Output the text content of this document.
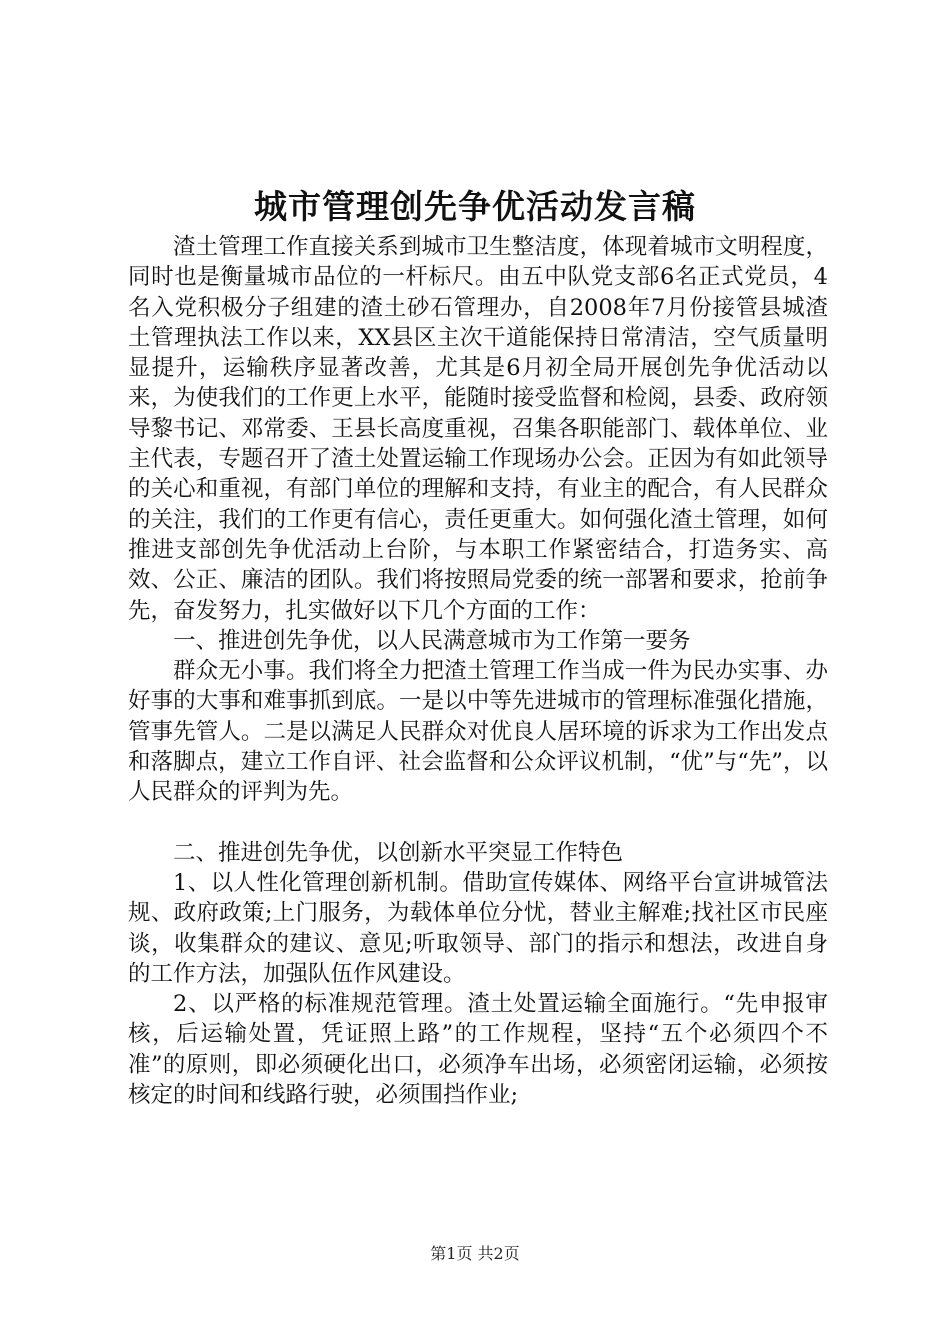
城市管理创先争优活动发言稿

渣土管理工作直接关系到城市卫生整洁度，体现着城市文明程度，同时也是衡量城市品位的一杆标尺。由五中队党支部6名正式党员，4名入党积极分子组建的渣土砂石管理办，自2008年7月份接管县城渣土管理执法工作以来，XX县区主次干道能保持日常清洁，空气质量明显提升，运输秩序显著改善，尤其是6月初全局开展创先争优活动以来，为使我们的工作更上水平，能随时接受监督和检阅，县委、政府领导黎书记、邓常委、王县长高度重视，召集各职能部门、载体单位、业主代表，专题召开了渣土处置运输工作现场办公会。正因为有如此领导的关心和重视，有部门单位的理解和支持，有业主的配合，有人民群众的关注，我们的工作更有信心，责任更重大。如何强化渣土管理，如何推进支部创先争优活动上台阶，与本职工作紧密结合，打造务实、高效、公正、廉洁的团队。我们将按照局党委的统一部署和要求，抢前争先，奋发努力，扎实做好以下几个方面的工作：

一、推进创先争优，以人民满意城市为工作第一要务

群众无小事。我们将全力把渣土管理工作当成一件为民办实事、办好事的大事和难事抓到底。一是以中等先进城市的管理标准强化措施，管事先管人。二是以满足人民群众对优良人居环境的诉求为工作出发点和落脚点，建立工作自评、社会监督和公众评议机制，“优”与“先”，以人民群众的评判为先。

二、推进创先争优，以创新水平突显工作特色

1、以人性化管理创新机制。借助宣传媒体、网络平台宣讲城管法规、政府政策;上门服务，为载体单位分忧，替业主解难;找社区市民座谈，收集群众的建议、意见;听取领导、部门的指示和想法，改进自身的工作方法，加强队伍作风建设。

2、以严格的标准规范管理。渣土处置运输全面施行。“先申报审核，后运输处置，凭证照上路”的工作规程，坚持“五个必须四个不准”的原则，即必须硬化出口，必须净车出场，必须密闭运输，必须按核定的时间和线路行驶，必须围挡作业;

第1页 共2页
